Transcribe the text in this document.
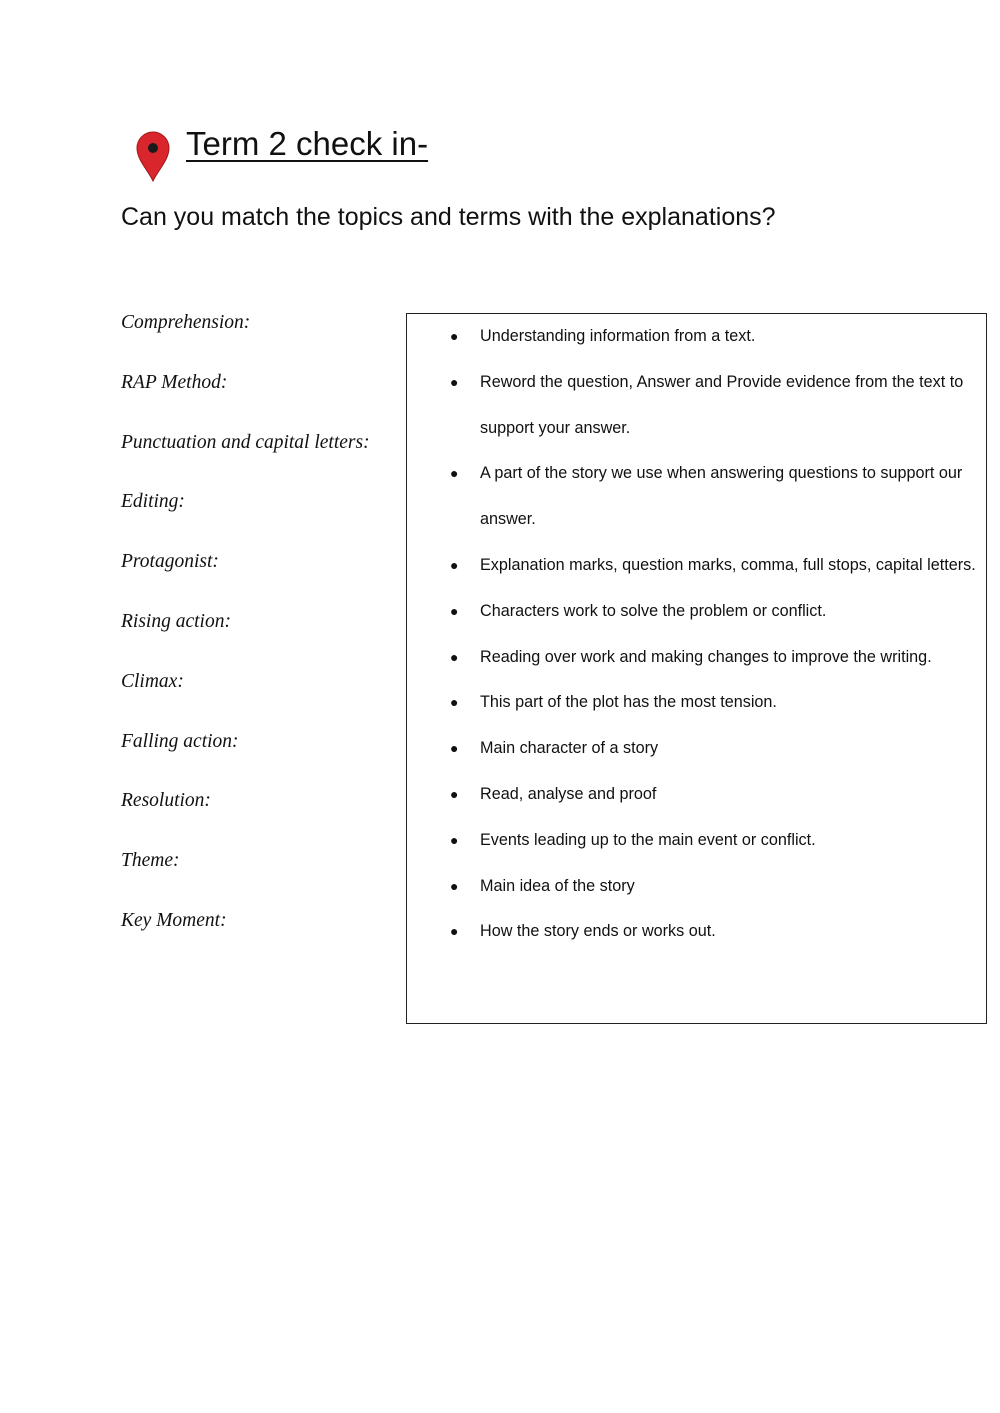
Term 2 check in-
Can you match the topics and terms with the explanations?
Comprehension:
RAP Method:
Punctuation and capital letters:
Editing:
Protagonist:
Rising action:
Climax:
Falling action:
Resolution:
Theme:
Key Moment:
● Understanding information from a text.
● Reword the question, Answer and Provide evidence from the text to support your answer.
● A part of the story we use when answering questions to support our answer.
● Explanation marks, question marks, comma, full stops, capital letters.
● Characters work to solve the problem or conflict.
● Reading over work and making changes to improve the writing.
● This part of the plot has the most tension.
● Main character of a story
● Read, analyse and proof
● Events leading up to the main event or conflict.
● Main idea of the story
● How the story ends or works out.
